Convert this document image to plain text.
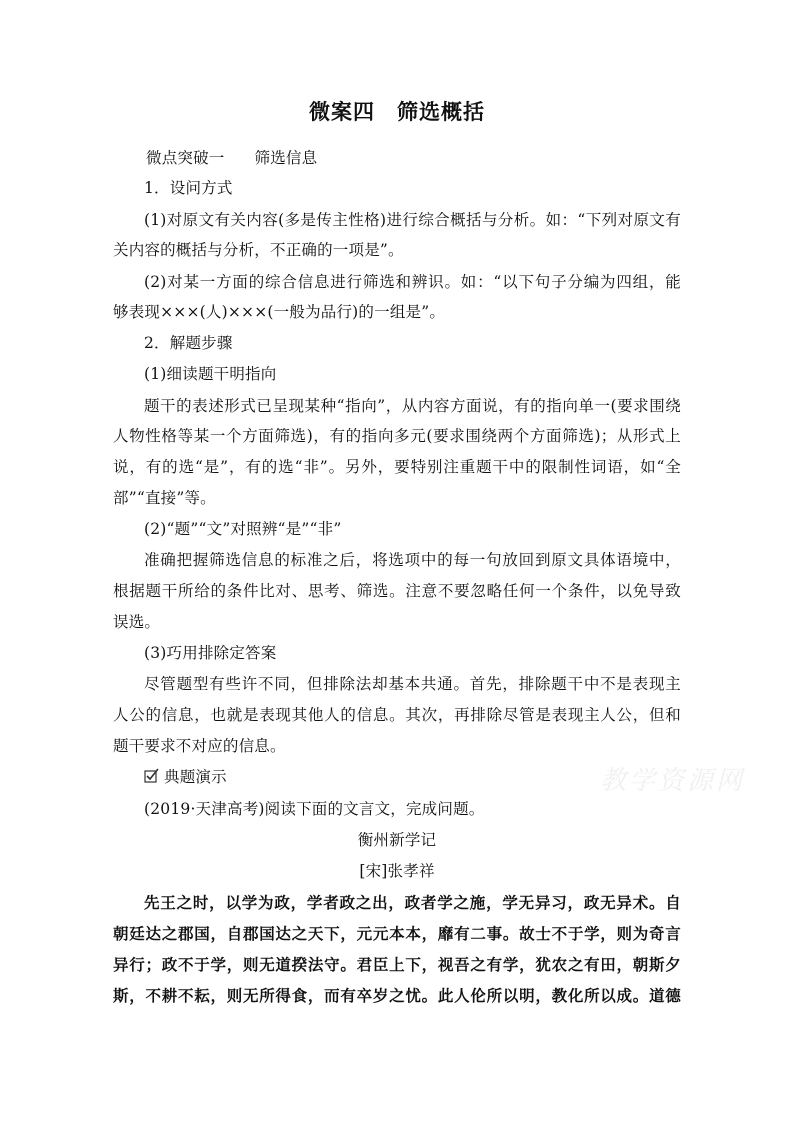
微案四 筛选概括
微点突破一 筛选信息
1．设问方式
(1)对原文有关内容(多是传主性格)进行综合概括与分析。如：“下列对原文有
关内容的概括与分析，不正确的一项是”。
(2)对某一方面的综合信息进行筛选和辨识。如：“以下句子分编为四组，能
够表现×××(人)×××(一般为品行)的一组是”。
2．解题步骤
(1)细读题干明指向
题干的表述形式已呈现某种“指向”，从内容方面说，有的指向单一(要求围绕
人物性格等某一个方面筛选)，有的指向多元(要求围绕两个方面筛选)；从形式上
说，有的选“是”，有的选“非”。另外，要特别注重题干中的限制性词语，如“全
部”“直接”等。
(2)“题”“文”对照辨“是”“非”
准确把握筛选信息的标准之后，将选项中的每一句放回到原文具体语境中，
根据题干所给的条件比对、思考、筛选。注意不要忽略任何一个条件，以免导致
误选。
(3)巧用排除定答案
尽管题型有些许不同，但排除法却基本共通。首先，排除题干中不是表现主
人公的信息，也就是表现其他人的信息。其次，再排除尽管是表现主人公，但和
题干要求不对应的信息。
典题演示	教学资源网
(2019·天津高考)阅读下面的文言文，完成问题。
衡州新学记
[宋]张孝祥
先王之时，以学为政，学者政之出，政者学之施，学无异习，政无异术。自
朝廷达之郡国，自郡国达之天下，元元本本，靡有二事。故士不于学，则为奇言
异行；政不于学，则无道揆法守。君臣上下，视吾之有学，犹农之有田，朝斯夕
斯，不耕不耘，则无所得食，而有卒岁之忧。此人伦所以明，教化所以成。道德
